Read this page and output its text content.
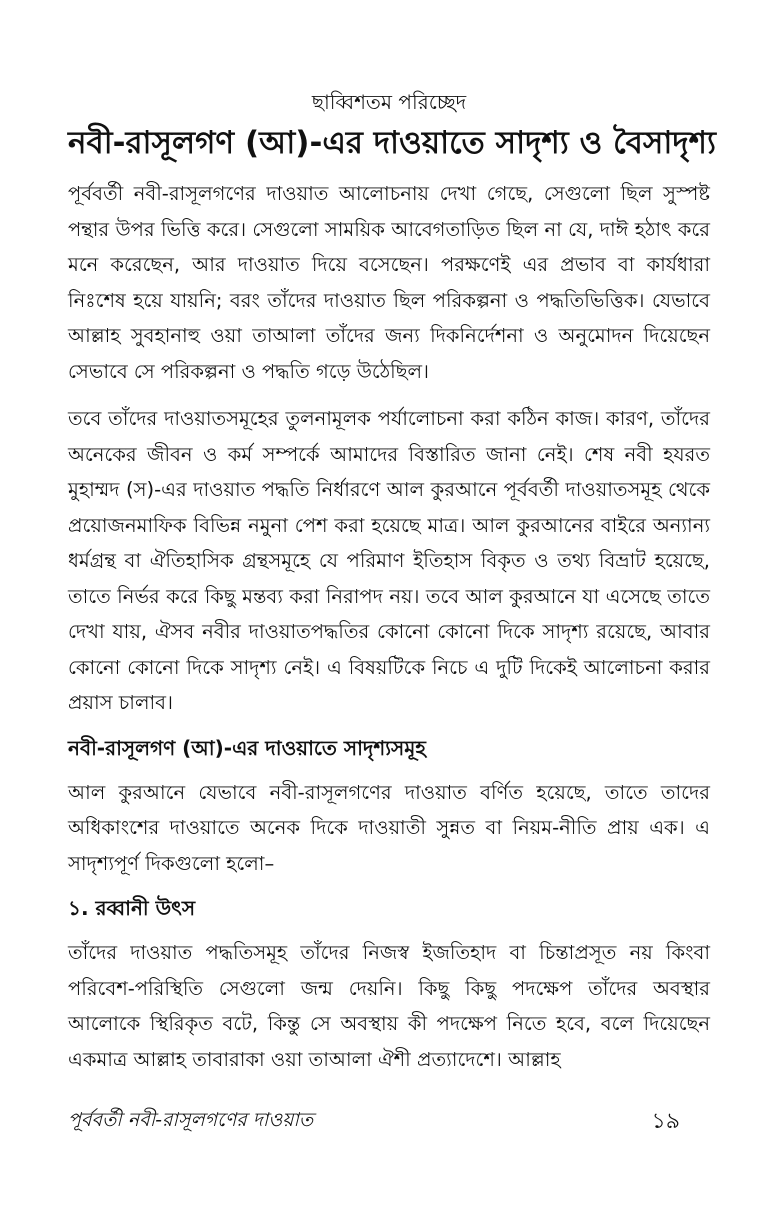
ছাব্বিশতম পরিচ্ছেদ
নবী-রাসূলগণ (আ)-এর দাওয়াতে সাদৃশ্য ও বৈসাদৃশ্য

পূর্ববর্তী নবী-রাসূলগণের দাওয়াত আলোচনায় দেখা গেছে, সেগুলো ছিল সুস্পষ্ট পন্থার উপর ভিত্তি করে। সেগুলো সাময়িক আবেগতাড়িত ছিল না যে, দাঈ হঠাৎ করে মনে করেছেন, আর দাওয়াত দিয়ে বসেছেন। পরক্ষণেই এর প্রভাব বা কার্যধারা নিঃশেষ হয়ে যায়নি; বরং তাঁদের দাওয়াত ছিল পরিকল্পনা ও পদ্ধতিভিত্তিক। যেভাবে আল্লাহ সুবহানাহু ওয়া তাআলা তাঁদের জন্য দিকনির্দেশনা ও অনুমোদন দিয়েছেন সেভাবে সে পরিকল্পনা ও পদ্ধতি গড়ে উঠেছিল।

তবে তাঁদের দাওয়াতসমূহের তুলনামূলক পর্যালোচনা করা কঠিন কাজ। কারণ, তাঁদের অনেকের জীবন ও কর্ম সম্পর্কে আমাদের বিস্তারিত জানা নেই। শেষ নবী হযরত মুহাম্মদ (স)-এর দাওয়াত পদ্ধতি নির্ধারণে আল কুরআনে পূর্ববর্তী দাওয়াতসমূহ থেকে প্রয়োজনমাফিক বিভিন্ন নমুনা পেশ করা হয়েছে মাত্র। আল কুরআনের বাইরে অন্যান্য ধর্মগ্রন্থ বা ঐতিহাসিক গ্রন্থসমূহে যে পরিমাণ ইতিহাস বিকৃত ও তথ্য বিভ্রাট হয়েছে, তাতে নির্ভর করে কিছু মন্তব্য করা নিরাপদ নয়। তবে আল কুরআনে যা এসেছে তাতে দেখা যায়, ঐসব নবীর দাওয়াতপদ্ধতির কোনো কোনো দিকে সাদৃশ্য রয়েছে, আবার কোনো কোনো দিকে সাদৃশ্য নেই। এ বিষয়টিকে নিচে এ দুটি দিকেই আলোচনা করার প্রয়াস চালাব।

নবী-রাসূলগণ (আ)-এর দাওয়াতে সাদৃশ্যসমূহ

আল কুরআনে যেভাবে নবী-রাসূলগণের দাওয়াত বর্ণিত হয়েছে, তাতে তাদের অধিকাংশের দাওয়াতে অনেক দিকে দাওয়াতী সুন্নত বা নিয়ম-নীতি প্রায় এক। এ সাদৃশ্যপূর্ণ দিকগুলো হলো–

১. রব্বানী উৎস

তাঁদের দাওয়াত পদ্ধতিসমূহ তাঁদের নিজস্ব ইজতিহাদ বা চিন্তাপ্রসূত নয় কিংবা পরিবেশ-পরিস্থিতি সেগুলো জন্ম দেয়নি। কিছু কিছু পদক্ষেপ তাঁদের অবস্থার আলোকে স্থিরিকৃত বটে, কিন্তু সে অবস্থায় কী পদক্ষেপ নিতে হবে, বলে দিয়েছেন একমাত্র আল্লাহ তাবারাকা ওয়া তাআলা ঐশী প্রত্যাদেশে। আল্লাহ

পূর্ববর্তী নবী-রাসূলগণের দাওয়াত	১৯
